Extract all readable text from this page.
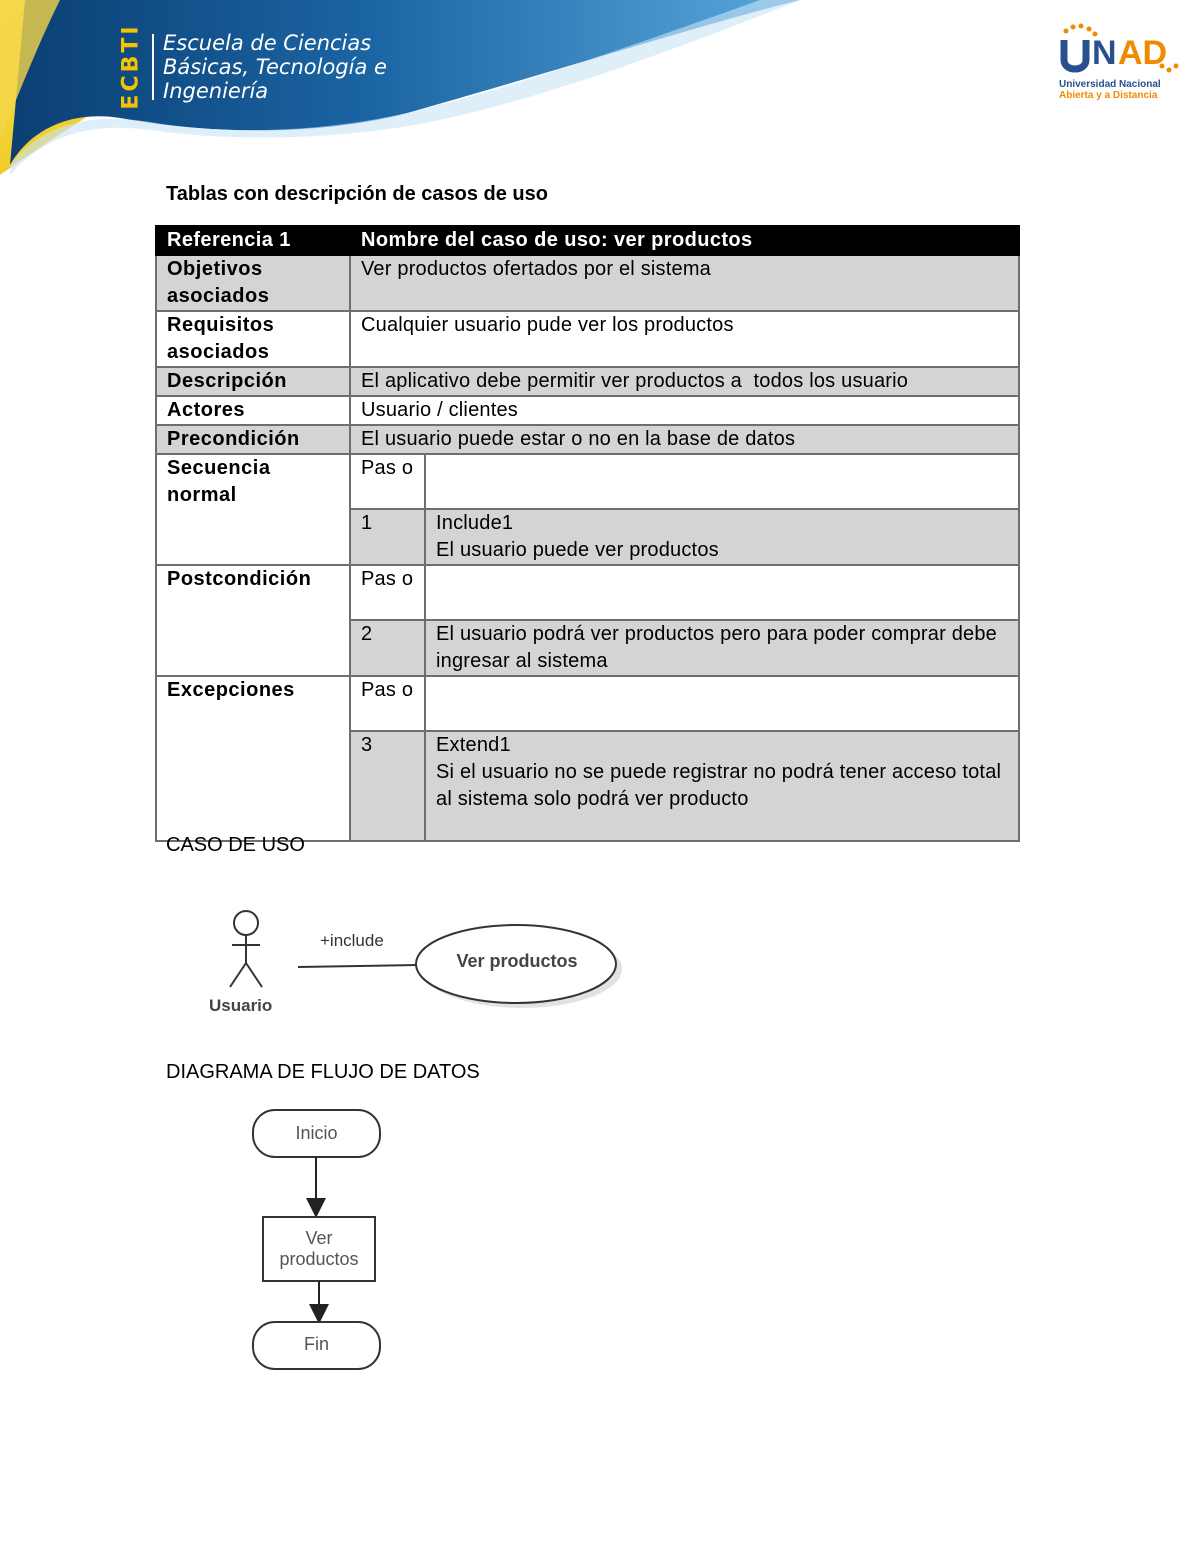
ECBTI Escuela de Ciencias
Básicas, Tecnología e
Ingeniería
N AD
Universidad Nacional
Abierta y a Distancia
Tablas con descripción de casos de uso
Referencia 1	Nombre del caso de uso: ver productos	
Objetivos asociados	Ver productos ofertados por el sistema	
Requisitos asociados	Cualquier usuario pude ver los productos	
Descripción	El aplicativo debe permitir ver productos a  todos los usuario	
Actores	Usuario / clientes	
Precondición	El usuario puede estar o no en la base de datos	
Secuencia normal	Pas o	
	1	Include1
El usuario puede ver productos

Postcondición	Pas o	
	2	El usuario podrá ver productos pero para poder comprar debe ingresar al sistema
Excepciones	Pas o	
	3	Extend1
Si el usuario no se puede registrar no podrá tener acceso total al sistema solo podrá ver producto
CASO DE USO
+include
Usuario
Ver productos
DIAGRAMA DE FLUJO DE DATOS
Inicio
Ver
productos
Fin
